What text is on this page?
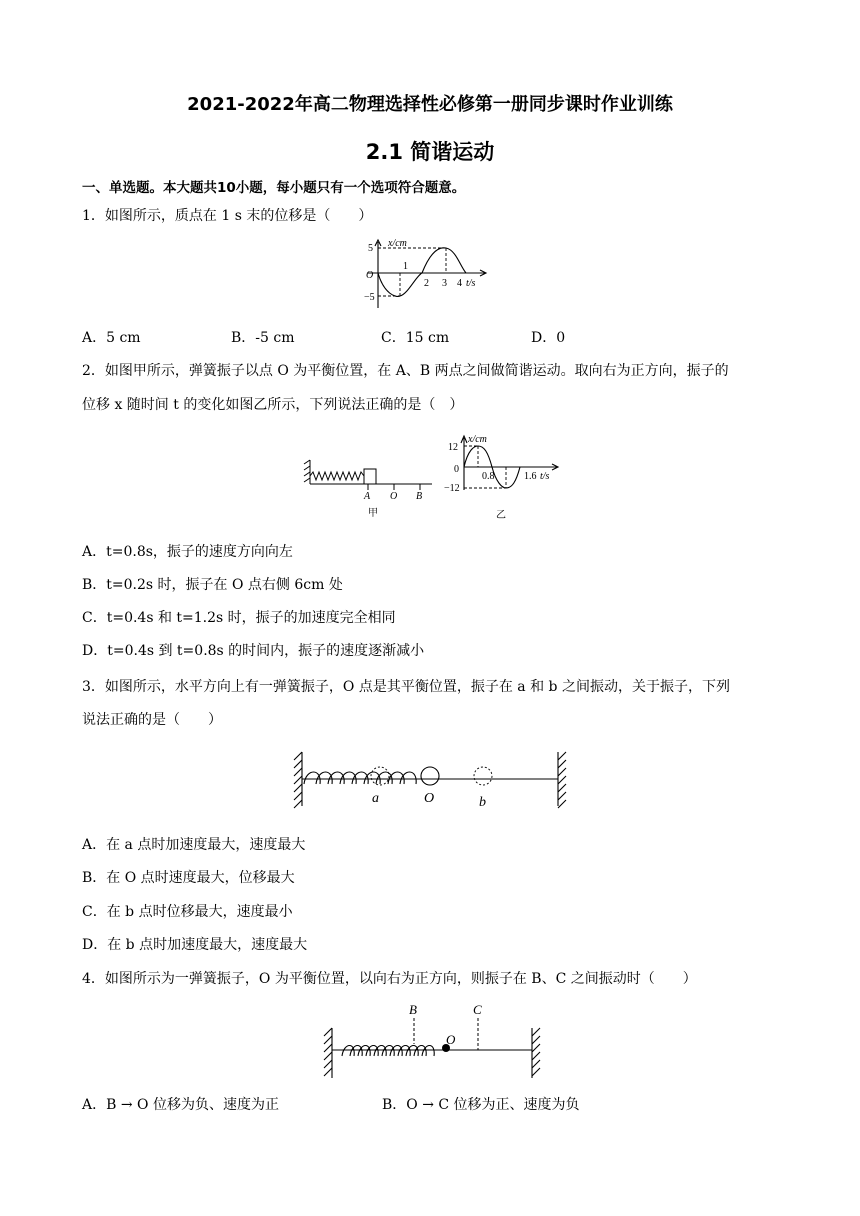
2021-2022年高二物理选择性必修第一册同步课时作业训练
2.1 简谐运动
一、单选题。本大题共10小题，每小题只有一个选项符合题意。
1．如图所示，质点在 1 s 末的位移是（　　）
x/cm
t/s
O
5
−5
1
2 3 4
A．5 cm	B．-5 cm	C．15 cm	D．0
2．如图甲所示，弹簧振子以点 O 为平衡位置，在 A、B 两点之间做简谐运动。取向右为正方向，振子的
位移 x 随时间 t 的变化如图乙所示，下列说法正确的是（　）
A O B
甲
x/cm
t/s
0
12
−12
0.8	1.6
乙
A．t=0.8s，振子的速度方向向左
B．t=0.2s 时，振子在 O 点右侧 6cm 处
C．t=0.4s 和 t=1.2s 时，振子的加速度完全相同
D．t=0.4s 到 t=0.8s 的时间内，振子的速度逐渐减小
3．如图所示，水平方向上有一弹簧振子，O 点是其平衡位置，振子在 a 和 b 之间振动，关于振子，下列
说法正确的是（　　）
a	O	b
A．在 a 点时加速度最大，速度最大
B．在 O 点时速度最大，位移最大
C．在 b 点时位移最大，速度最小
D．在 b 点时加速度最大，速度最大
4．如图所示为一弹簧振子，O 为平衡位置，以向右为正方向，则振子在 B、C 之间振动时（　　）
B	C
O
A．B → O 位移为负、速度为正	B．O → C 位移为正、速度为负
